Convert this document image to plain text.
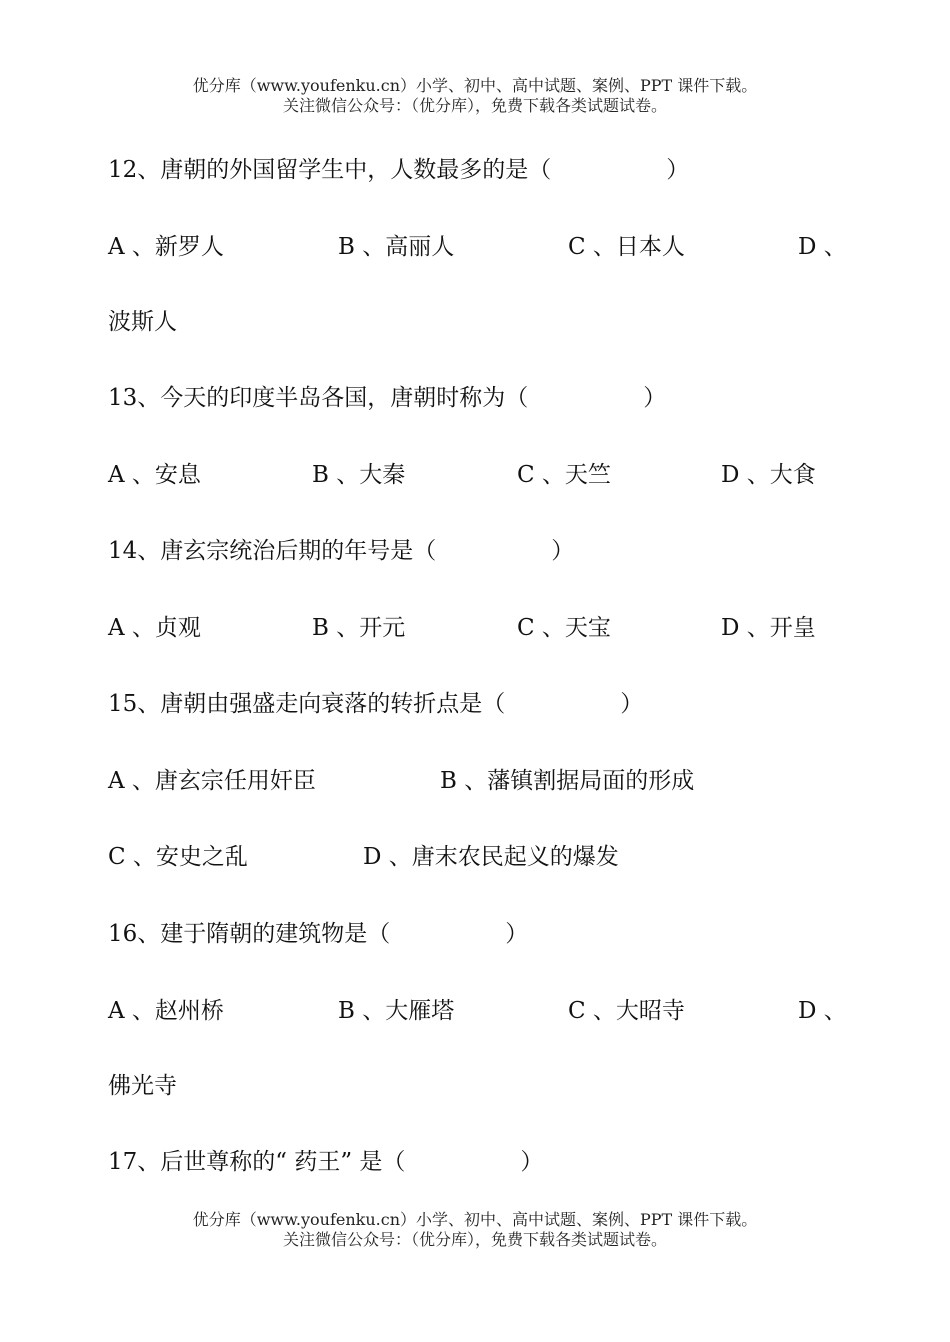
优分库（www.youfenku.cn）小学、初中、高中试题、案例、PPT 课件下载。
关注微信公众号：（优分库），免费下载各类试题试卷。
12、唐朝的外国留学生中，人数最多的是（　　　　　）
A 、新罗人	B 、高丽人	C 、日本人	D 、
波斯人
13、今天的印度半岛各国，唐朝时称为（　　　　　）
A 、安息	B 、大秦	C 、天竺	D 、大食
14、唐玄宗统治后期的年号是（　　　　　）
A 、贞观	B 、开元	C 、天宝	D 、开皇
15、唐朝由强盛走向衰落的转折点是（　　　　　）
A 、唐玄宗任用奸臣	B 、藩镇割据局面的形成
C 、安史之乱	D 、唐末农民起义的爆发
16、建于隋朝的建筑物是（　　　　　）
A 、赵州桥	B 、大雁塔	C 、大昭寺	D 、
佛光寺
17、后世尊称的“ 药王” 是（　　　　　）
优分库（www.youfenku.cn）小学、初中、高中试题、案例、PPT 课件下载。
关注微信公众号：（优分库），免费下载各类试题试卷。
